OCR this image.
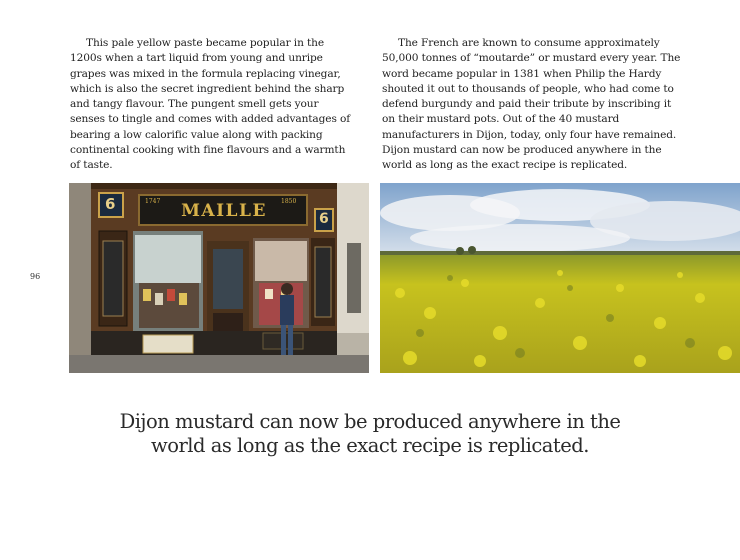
This pale yellow paste became popular in the 1200s when a tart liquid from young and unripe grapes was mixed in the formula replacing vinegar, which is also the secret ingredient behind the sharp and tangy flavour. The pungent smell gets your senses to tingle and comes with added advantages of bearing a low calorific value along with packing continental cooking with fine flavours and a warmth of taste.

The French are known to consume approximately 50,000 tonnes of “moutarde” or mustard every year. The word became popular in 1381 when Philip the Hardy shouted it out to thousands of people, who had come to defend burgundy and paid their tribute by inscribing it on their mustard pots. Out of the 40 mustard manufacturers in Dijon, today, only four have remained. Dijon mustard can now be produced anywhere in the world as long as the exact recipe is replicated.

96
MAILLE
1747	1850
6
6
Dijon mustard can now be produced anywhere in the
world as long as the exact recipe is replicated.
